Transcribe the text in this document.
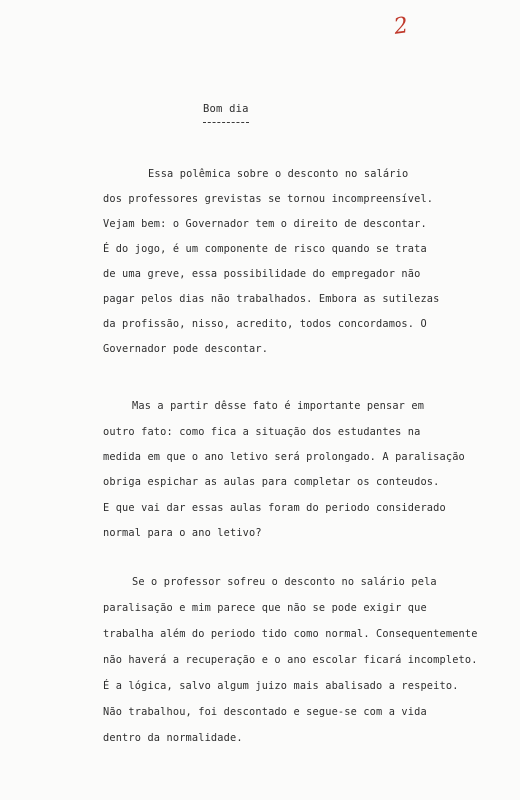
2
Bom dia

Essa polêmica sobre o desconto no salário

dos professores grevistas se tornou incompreensível.

Vejam bem: o Governador tem o direito de descontar.

É do jogo, é um componente de risco quando se trata

de uma greve, essa possibilidade do empregador não

pagar pelos dias não trabalhados. Embora as sutilezas

da profissão, nisso, acredito, todos concordamos. O

Governador pode descontar.

Mas a partir dêsse fato é importante pensar em

outro fato: como fica a situação dos estudantes na

medida em que o ano letivo será prolongado. A paralisação

obriga espichar as aulas para completar os conteudos.

E que vai dar essas aulas foram do periodo considerado

normal para o ano letivo?

Se o professor sofreu o desconto no salário pela

paralisação e mim parece que não se pode exigir que

trabalha além do periodo tido como normal. Consequentemente

não haverá a recuperação e o ano escolar ficará incompleto.

É a lógica, salvo algum juizo mais abalisado a respeito.

Não trabalhou, foi descontado e segue-se com a vida

dentro da normalidade.
